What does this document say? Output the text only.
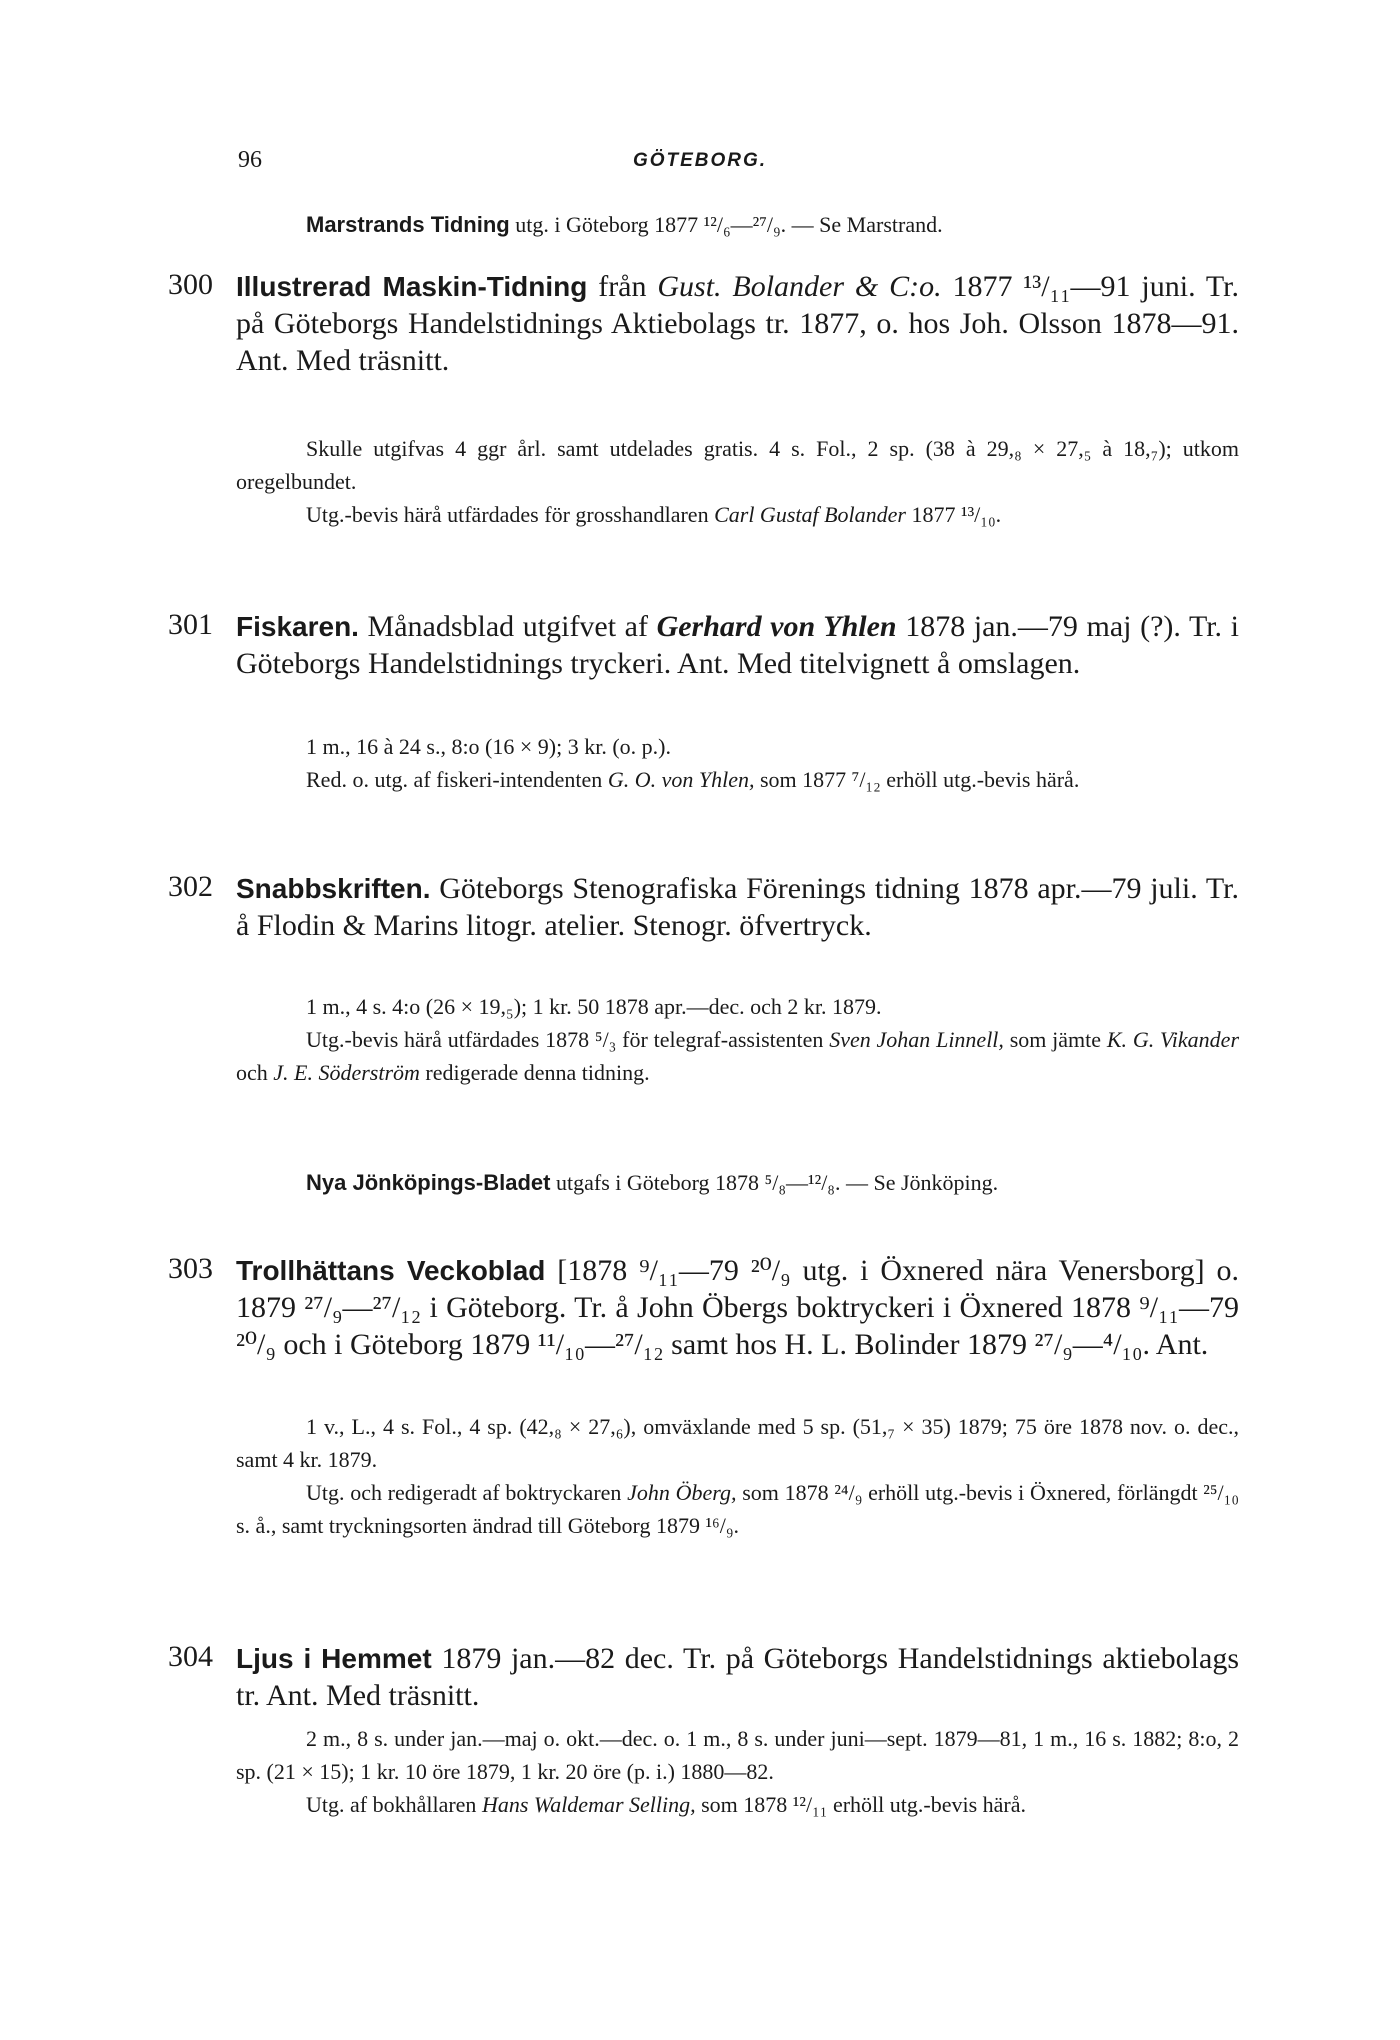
96	GÖTEBORG.
Marstrands Tidning utg. i Göteborg 1877 ¹²/₆—²⁷/₉. — Se Marstrand.
300 Illustrerad Maskin-Tidning från Gust. Bolander & C:o. 1877 ¹³/₁₁—91 juni. Tr. på Göteborgs Handelstidnings Aktiebolags tr. 1877, o. hos Joh. Olsson 1878—91. Ant. Med träsnitt.

Skulle utgifvas 4 ggr årl. samt utdelades gratis. 4 s. Fol., 2 sp. (38 à 29,₈ × 27,₅ à 18,₇); utkom oregelbundet.

Utg.-bevis härå utfärdades för grosshandlaren Carl Gustaf Bolander 1877 ¹³/₁₀.

301 Fiskaren. Månadsblad utgifvet af Gerhard von Yhlen 1878 jan.—79 maj (?). Tr. i Göteborgs Handelstidnings tryckeri. Ant. Med titelvignett å omslagen.

1 m., 16 à 24 s., 8:o (16 × 9); 3 kr. (o. p.).

Red. o. utg. af fiskeri-intendenten G. O. von Yhlen, som 1877 ⁷/₁₂ erhöll utg.-bevis härå.

302 Snabbskriften. Göteborgs Stenografiska Förenings tidning 1878 apr.—79 juli. Tr. å Flodin & Marins litogr. atelier. Stenogr. öfvertryck.

1 m., 4 s. 4:o (26 × 19,₅); 1 kr. 50 1878 apr.—dec. och 2 kr. 1879.

Utg.-bevis härå utfärdades 1878 ⁵/₃ för telegraf-assistenten Sven Johan Linnell, som jämte K. G. Vikander och J. E. Söderström redigerade denna tidning.

Nya Jönköpings-Bladet utgafs i Göteborg 1878 ⁵/₈—¹²/₈. — Se Jönköping.
303 Trollhättans Veckoblad [1878 ⁹/₁₁—79 ²⁰/₉ utg. i Öxnered nära Venersborg] o. 1879 ²⁷/₉—²⁷/₁₂ i Göteborg. Tr. å John Öbergs boktryckeri i Öxnered 1878 ⁹/₁₁—79 ²⁰/₉ och i Göteborg 1879 ¹¹/₁₀—²⁷/₁₂ samt hos H. L. Bolinder 1879 ²⁷/₉—⁴/₁₀. Ant.

1 v., L., 4 s. Fol., 4 sp. (42,₈ × 27,₆), omväxlande med 5 sp. (51,₇ × 35) 1879; 75 öre 1878 nov. o. dec., samt 4 kr. 1879.

Utg. och redigeradt af boktryckaren John Öberg, som 1878 ²⁴/₉ erhöll utg.-bevis i Öxnered, förlängdt ²⁵/₁₀ s. å., samt tryckningsorten ändrad till Göteborg 1879 ¹⁶/₉.

304 Ljus i Hemmet 1879 jan.—82 dec. Tr. på Göteborgs Handelstidnings aktiebolags tr. Ant. Med träsnitt.

2 m., 8 s. under jan.—maj o. okt.—dec. o. 1 m., 8 s. under juni—sept. 1879—81, 1 m., 16 s. 1882; 8:o, 2 sp. (21 × 15); 1 kr. 10 öre 1879, 1 kr. 20 öre (p. i.) 1880—82.

Utg. af bokhållaren Hans Waldemar Selling, som 1878 ¹²/₁₁ erhöll utg.-bevis härå.
